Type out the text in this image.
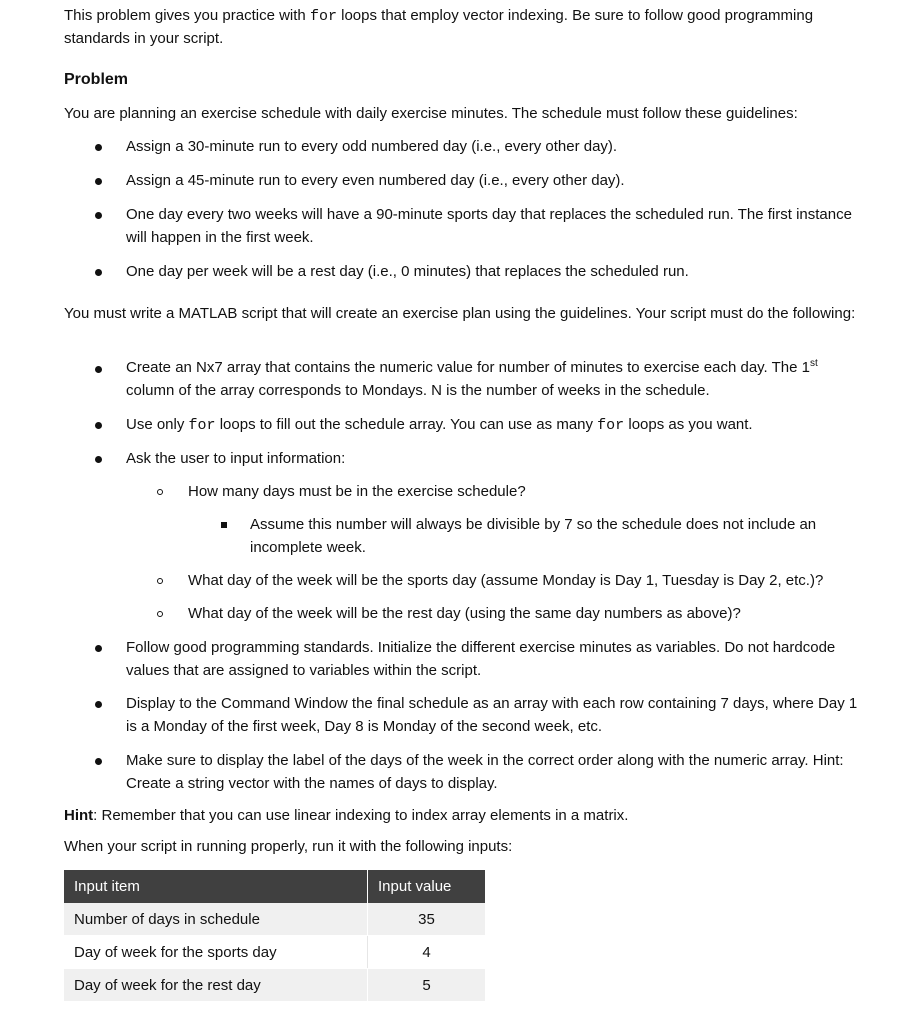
This problem gives you practice with for loops that employ vector indexing. Be sure to follow good programming standards in your script.
Problem
You are planning an exercise schedule with daily exercise minutes. The schedule must follow these guidelines:
Assign a 30-minute run to every odd numbered day (i.e., every other day).
Assign a 45-minute run to every even numbered day (i.e., every other day).
One day every two weeks will have a 90-minute sports day that replaces the scheduled run. The first instance will happen in the first week.
One day per week will be a rest day (i.e., 0 minutes) that replaces the scheduled run.
You must write a MATLAB script that will create an exercise plan using the guidelines. Your script must do the following:
Create an Nx7 array that contains the numeric value for number of minutes to exercise each day. The 1st column of the array corresponds to Mondays. N is the number of weeks in the schedule.
Use only for loops to fill out the schedule array. You can use as many for loops as you want.
Ask the user to input information:
How many days must be in the exercise schedule?
Assume this number will always be divisible by 7 so the schedule does not include an incomplete week.
What day of the week will be the sports day (assume Monday is Day 1, Tuesday is Day 2, etc.)?
What day of the week will be the rest day (using the same day numbers as above)?
Follow good programming standards. Initialize the different exercise minutes as variables. Do not hardcode values that are assigned to variables within the script.
Display to the Command Window the final schedule as an array with each row containing 7 days, where Day 1 is a Monday of the first week, Day 8 is Monday of the second week, etc.
Make sure to display the label of the days of the week in the correct order along with the numeric array. Hint: Create a string vector with the names of days to display.
Hint: Remember that you can use linear indexing to index array elements in a matrix.
When your script in running properly, run it with the following inputs:
Input item	Input value
Number of days in schedule	35
Day of week for the sports day	4
Day of week for the rest day	5
